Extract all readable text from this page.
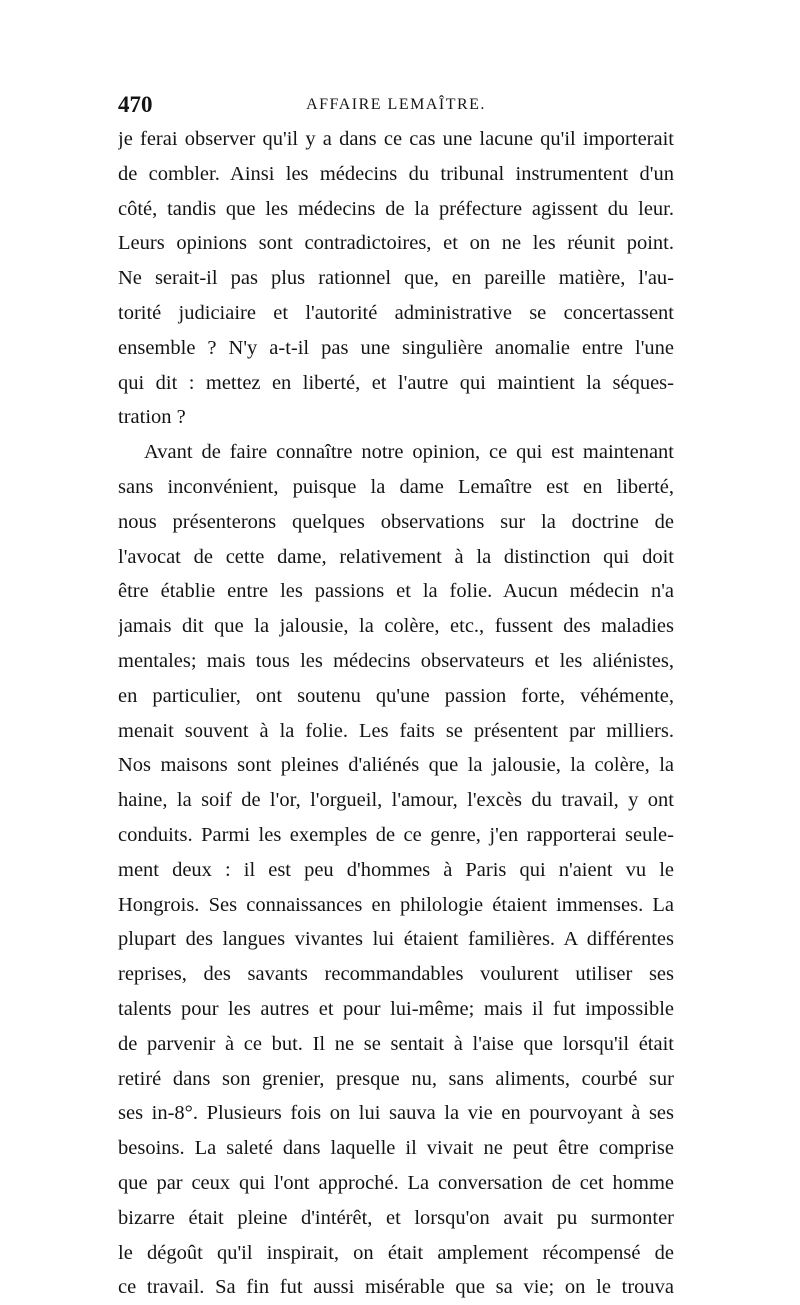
470	AFFAIRE LEMAÎTRE.
je ferai observer qu'il y a dans ce cas une lacune qu'il importerait
de combler. Ainsi les médecins du tribunal instrumentent d'un
côté, tandis que les médecins de la préfecture agissent du leur.
Leurs opinions sont contradictoires, et on ne les réunit point.
Ne serait-il pas plus rationnel que, en pareille matière, l'au-
torité judiciaire et l'autorité administrative se concertassent
ensemble ? N'y a-t-il pas une singulière anomalie entre l'une
qui dit : mettez en liberté, et l'autre qui maintient la séques-
tration ?
Avant de faire connaître notre opinion, ce qui est maintenant
sans inconvénient, puisque la dame Lemaître est en liberté,
nous présenterons quelques observations sur la doctrine de
l'avocat de cette dame, relativement à la distinction qui doit
être établie entre les passions et la folie. Aucun médecin n'a
jamais dit que la jalousie, la colère, etc., fussent des maladies
mentales; mais tous les médecins observateurs et les aliénistes,
en particulier, ont soutenu qu'une passion forte, véhémente,
menait souvent à la folie. Les faits se présentent par milliers.
Nos maisons sont pleines d'aliénés que la jalousie, la colère, la
haine, la soif de l'or, l'orgueil, l'amour, l'excès du travail, y ont
conduits. Parmi les exemples de ce genre, j'en rapporterai seule-
ment deux : il est peu d'hommes à Paris qui n'aient vu le
Hongrois. Ses connaissances en philologie étaient immenses. La
plupart des langues vivantes lui étaient familières. A différentes
reprises, des savants recommandables voulurent utiliser ses
talents pour les autres et pour lui-même; mais il fut impossible
de parvenir à ce but. Il ne se sentait à l'aise que lorsqu'il était
retiré dans son grenier, presque nu, sans aliments, courbé sur
ses in-8°. Plusieurs fois on lui sauva la vie en pourvoyant à ses
besoins. La saleté dans laquelle il vivait ne peut être comprise
que par ceux qui l'ont approché. La conversation de cet homme
bizarre était pleine d'intérêt, et lorsqu'on avait pu surmonter
le dégoût qu'il inspirait, on était amplement récompensé de
ce travail. Sa fin fut aussi misérable que sa vie; on le trouva
